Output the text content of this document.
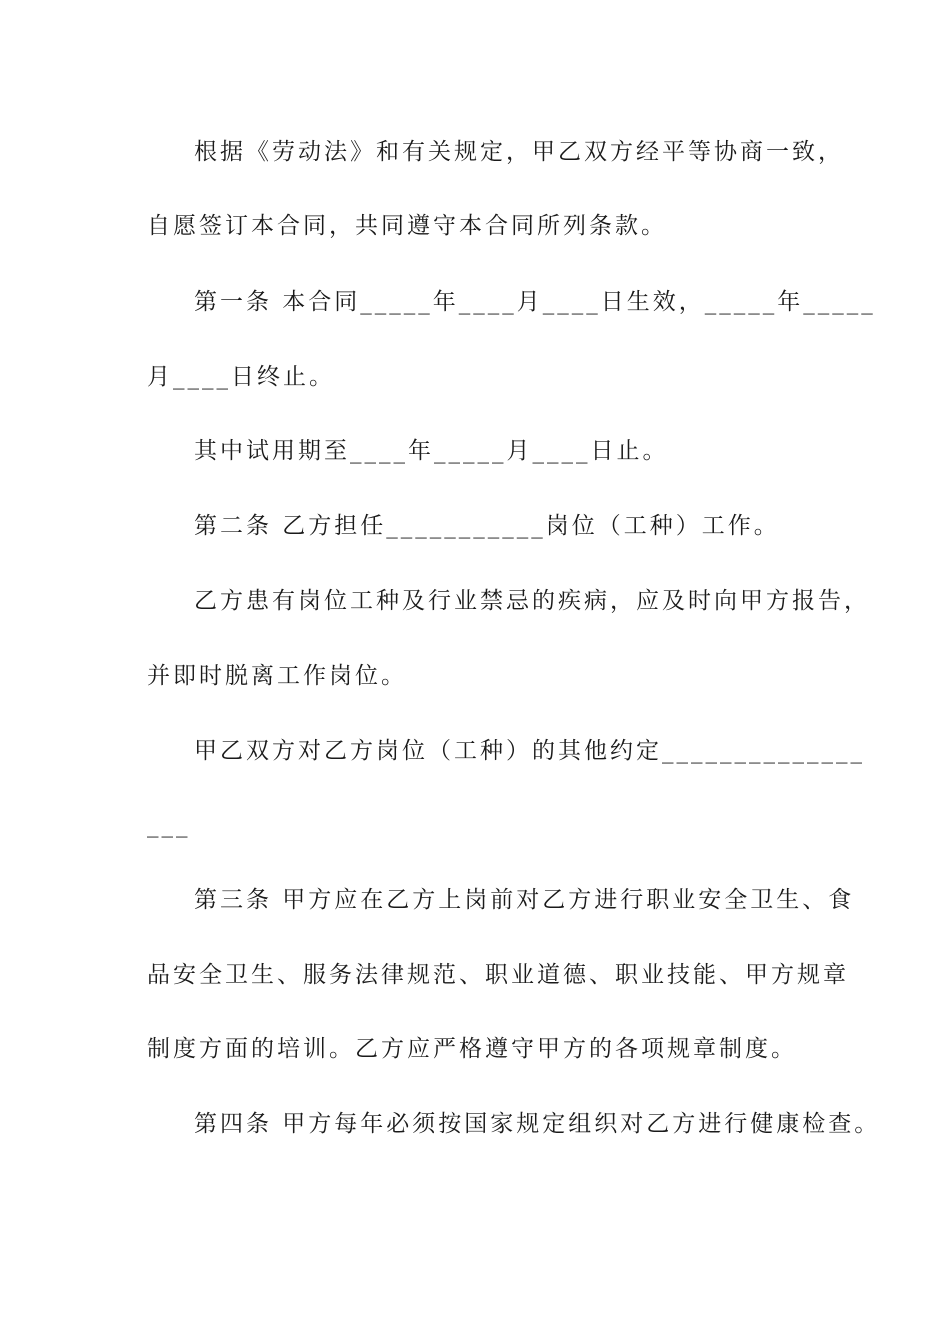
根据《劳动法》和有关规定，甲乙双方经平等协商一致，
自愿签订本合同，共同遵守本合同所列条款。
第一条 本合同_____年____月____日生效，_____年_____
月____日终止。
其中试用期至____年_____月____日止。
第二条 乙方担任___________岗位（工种）工作。
乙方患有岗位工种及行业禁忌的疾病，应及时向甲方报告，
并即时脱离工作岗位。
甲乙双方对乙方岗位（工种）的其他约定______________
___
第三条 甲方应在乙方上岗前对乙方进行职业安全卫生、食
品安全卫生、服务法律规范、职业道德、职业技能、甲方规章
制度方面的培训。乙方应严格遵守甲方的各项规章制度。
第四条 甲方每年必须按国家规定组织对乙方进行健康检查。
